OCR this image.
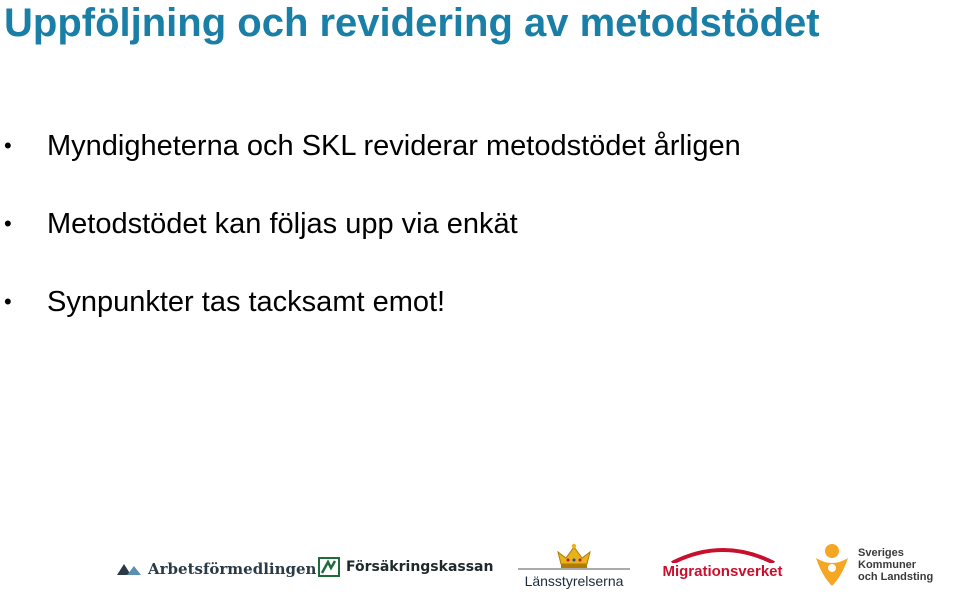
Uppföljning och revidering av metodstödet
• Myndigheterna och SKL reviderar metodstödet årligen
• Metodstödet kan följas upp via enkät
• Synpunkter tas tacksamt emot!
Arbetsförmedlingen Försäkringskassan
Länsstyrelserna
Migrationsverket
Sveriges
Kommuner
och Landsting
